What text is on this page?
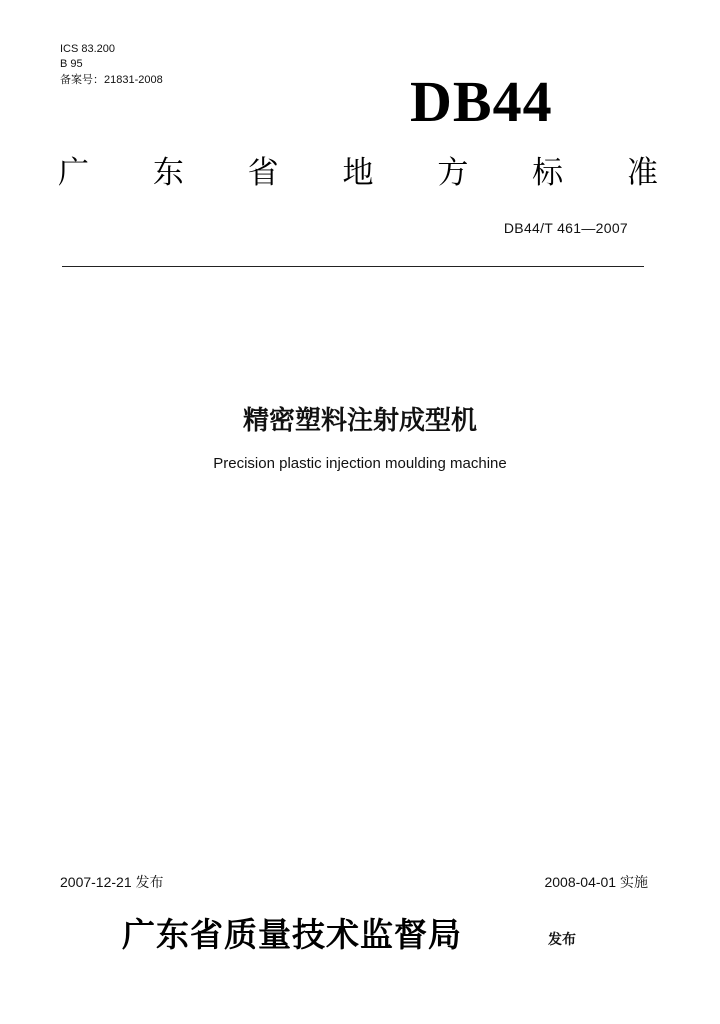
ICS 83.200
B 95
备案号：21831-2008	DB44
广 东 省 地 方 标 准
DB44/T 461—2007
精密塑料注射成型机
Precision plastic injection moulding machine
2007-12-21 发布	2008-04-01 实施
广东省质量技术监督局	发布
